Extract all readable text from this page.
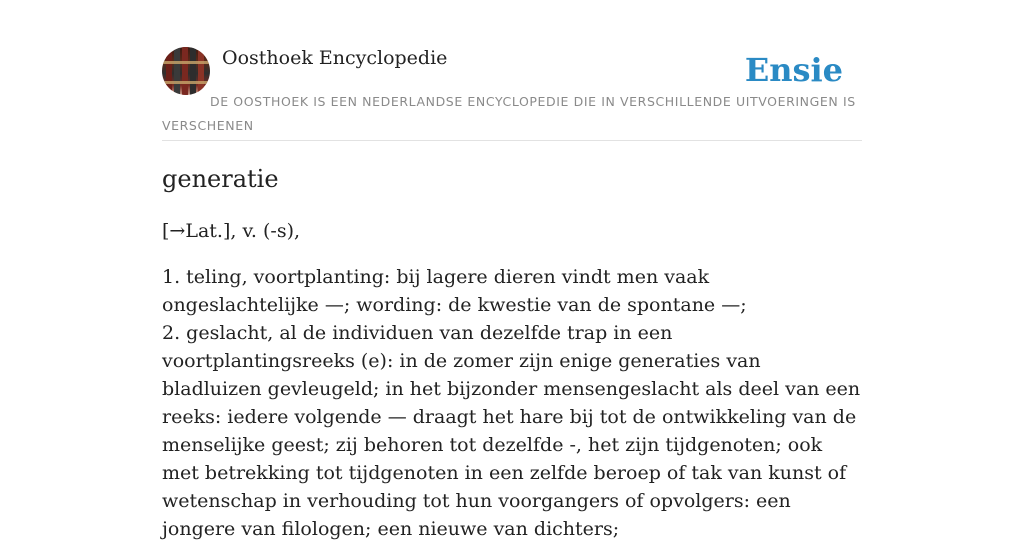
Oosthoek Encyclopedie	Ensie
DE OOSTHOEK IS EEN NEDERLANDSE ENCYCLOPEDIE DIE IN VERSCHILLENDE UITVOERINGEN IS VERSCHENEN
generatie
[→Lat.], v. (-s),

1. teling, voortplanting: bij lagere dieren vindt men vaak ongeslachtelijke —; wording: de kwestie van de spontane —;

2. geslacht, al de individuen van dezelfde trap in een voortplantingsreeks (e): in de zomer zijn enige generaties van bladluizen gevleugeld; in het bijzonder mensengeslacht als deel van een reeks: iedere volgende — draagt het hare bij tot de ontwikkeling van de menselijke geest; zij behoren tot dezelfde -, het zijn tijdgenoten; ook met betrekking tot tijdgenoten in een zelfde beroep of tak van kunst of wetenschap in verhouding tot hun voorgangers of opvolgers: een jongere van filologen; een nieuwe van dichters;
